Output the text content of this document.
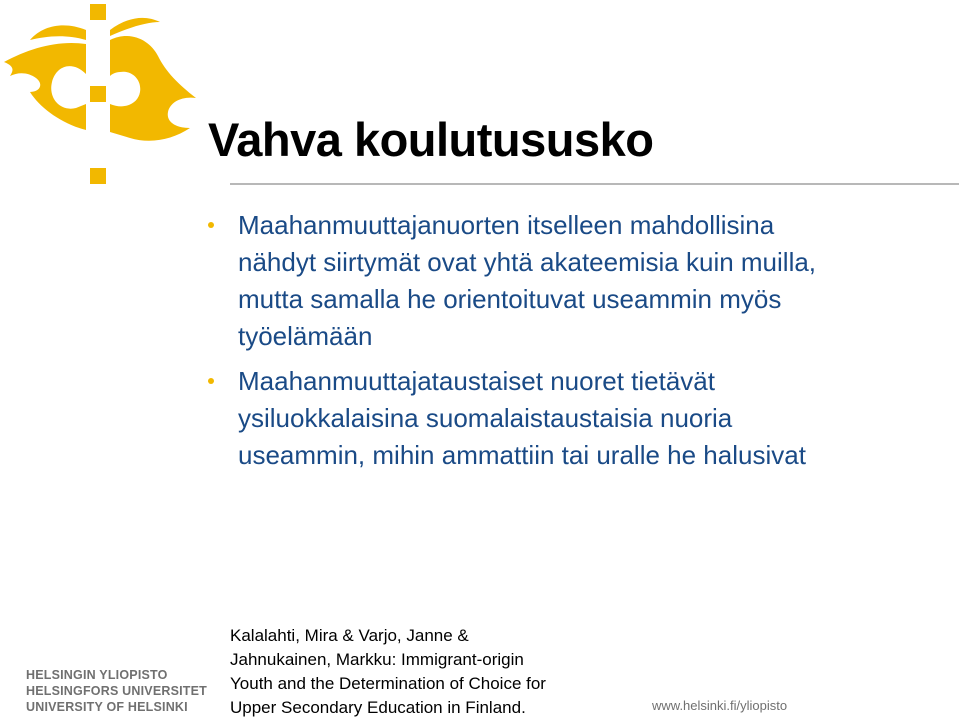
Vahva koulutususko
Maahanmuuttajanuorten itselleen mahdollisina
nähdyt siirtymät ovat yhtä akateemisia kuin muilla,
mutta samalla he orientoituvat useammin myös
työelämään
Maahanmuuttajataustaiset nuoret tietävät
ysiluokkalaisina suomalaistaustaisia nuoria
useammin, mihin ammattiin tai uralle he halusivat
Kalalahti, Mira & Varjo, Janne &
Jahnukainen, Markku: Immigrant-origin
Youth and the Determination of Choice for
Upper Secondary Education in Finland.
HELSINGIN YLIOPISTO
HELSINGFORS UNIVERSITET
UNIVERSITY OF HELSINKI	www.helsinki.fi/yliopisto
